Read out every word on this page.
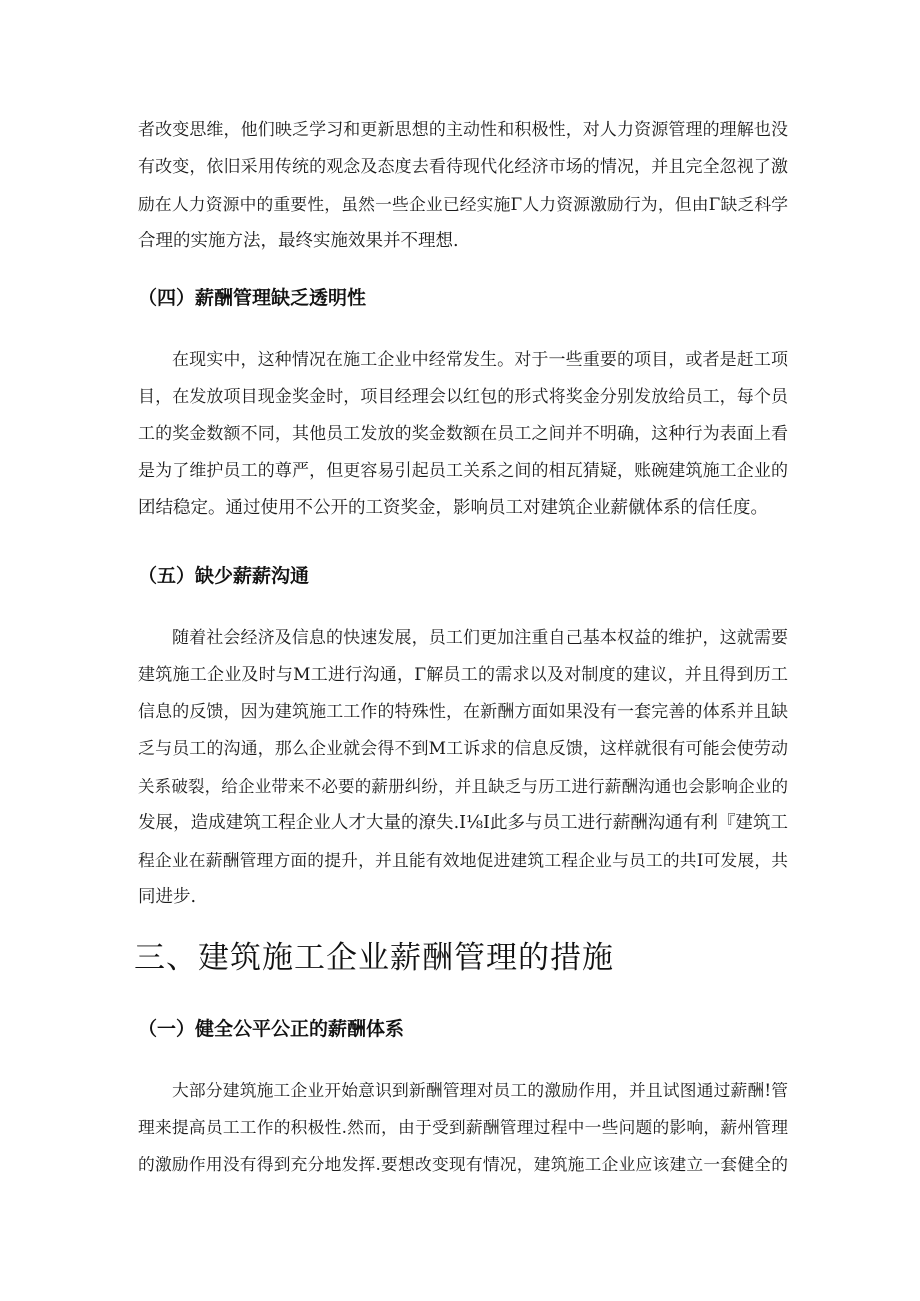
者改变思维，他们映乏学习和更新思想的主动性和积极性，对人力资源管理的理解也没
有改变，依旧采用传统的观念及态度去看待现代化经济市场的情况，并且完全忽视了激
励在人力资源中的重要性，虽然一些企业已经实施Γ人力资源激励行为，但由Γ缺乏科学
合理的实施方法，最终实施效果并不理想.
（四）薪酬管理缺乏透明性
在现实中，这种情况在施工企业中经常发生。对于一些重要的项目，或者是赶工项
目，在发放项目现金奖金时，项目经理会以红包的形式将奖金分别发放给员工，每个员
工的奖金数额不同，其他员工发放的奖金数额在员工之间并不明确，这种行为表面上看
是为了维护员工的尊严，但更容易引起员工关系之间的相瓦猜疑，账碗建筑施工企业的
团结稳定。通过使用不公开的工资奖金，影响员工对建筑企业薪僦体系的信任度。
（五）缺少薪薪沟通
随着社会经济及信息的快速发展，员工们更加注重自己基本权益的维护，这就需要
建筑施工企业及时与M工进行沟通，Γ解员工的需求以及对制度的建议，并且得到历工
信息的反馈，因为建筑施工工作的特殊性，在新酬方面如果没有一套完善的体系并且缺
乏与员工的沟通，那么企业就会得不到M工诉求的信息反馈，这样就很有可能会使劳动
关系破裂，给企业带来不必要的薪册纠纷，并且缺乏与历工进行薪酬沟通也会影响企业的
发展，造成建筑工程企业人才大量的潦失.I⅛I此多与员工进行薪酬沟通有利『建筑工
程企业在薪酬管理方面的提升，并且能有效地促进建筑工程企业与员工的共I可发展，共
同进步.
三、建筑施工企业薪酬管理的措施
（一）健全公平公正的薪酬体系
大部分建筑施工企业开始意识到新酬管理对员工的激励作用，并且试图通过薪酬!管
理来提高员工工作的积极性.然而，由于受到薪酬管理过程中一些问题的影响，薪州管理
的激励作用没有得到充分地发挥.要想改变现有情况，建筑施工企业应该建立一套健全的
